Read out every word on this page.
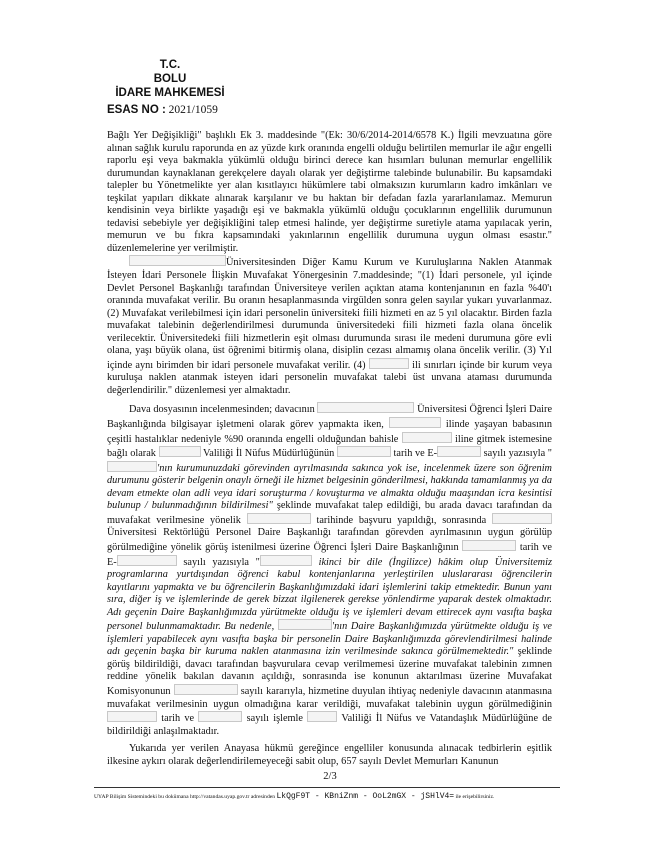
T.C.
BOLU
İDARE MAHKEMESİ
ESAS NO : 2021/1059

Bağlı Yer Değişikliği" başlıklı Ek 3. maddesinde "(Ek: 30/6/2014-2014/6578 K.) İlgili mevzuatına göre alınan sağlık kurulu raporunda en az yüzde kırk oranında engelli olduğu belirtilen memurlar ile ağır engelli raporlu eşi veya bakmakla yükümlü olduğu birinci derece kan hısımları bulunan memurlar engellilik durumundan kaynaklanan gerekçelere dayalı olarak yer değiştirme talebinde bulunabilir. Bu kapsamdaki talepler bu Yönetmelikte yer alan kısıtlayıcı hükümlere tabi olmaksızın kurumların kadro imkânları ve teşkilat yapıları dikkate alınarak karşılanır ve bu haktan bir defadan fazla yararlanılamaz. Memurun kendisinin veya birlikte yaşadığı eşi ve bakmakla yükümlü olduğu çocuklarının engellilik durumunun tedavisi sebebiyle yer değişikliğini talep etmesi halinde, yer değiştirme suretiyle atama yapılacak yerin, memurun ve bu fıkra kapsamındaki yakınlarının engellilik durumuna uygun olması esastır." düzenlemelerine yer verilmiştir.

Üniversitesinden Diğer Kamu Kurum ve Kuruluşlarına Naklen Atanmak İsteyen İdari Personele İlişkin Muvafakat Yönergesinin 7.maddesinde; "(1) İdari personele, yıl içinde Devlet Personel Başkanlığı tarafından Üniversiteye verilen açıktan atama kontenjanının en fazla %40'ı oranında muvafakat verilir. Bu oranın hesaplanmasında virgülden sonra gelen sayılar yukarı yuvarlanmaz. (2) Muvafakat verilebilmesi için idari personelin üniversiteki fiili hizmeti en az 5 yıl olacaktır. Birden fazla muvafakat talebinin değerlendirilmesi durumunda üniversitedeki fiili hizmeti fazla olana öncelik verilecektir. Üniversitedeki fiili hizmetlerin eşit olması durumunda sırası ile medeni durumuna göre evli olana, yaşı büyük olana, üst öğrenimi bitirmiş olana, disiplin cezası almamış olana öncelik verilir. (3) Yıl içinde aynı birimden bir idari personele muvafakat verilir. (4)	ili sınırları içinde bir kurum veya kuruluşa naklen atanmak isteyen idari personelin muvafakat talebi üst unvana ataması durumunda değerlendirilir." düzenlemesi yer almaktadır.

Dava dosyasının incelenmesinden; davacının	Üniversitesi Öğrenci İşleri Daire Başkanlığında bilgisayar işletmeni olarak görev yapmakta iken,	ilinde yaşayan babasının çeşitli hastalıklar nedeniyle %90 oranında engelli olduğundan bahisle	iline gitmek istemesine bağlı olarak	Valiliği İl Nüfus Müdürlüğünün	tarih ve E-	sayılı yazısıyla "'nın kurumunuzdaki görevinden ayrılmasında sakınca yok ise, incelenmek üzere son öğrenim durumunu gösterir belgenin onaylı örneği ile hizmet belgesinin gönderilmesi, hakkında tamamlanmış ya da devam etmekte olan adli veya idari soruşturma / kovuşturma ve almakta olduğu maaşından icra kesintisi bulunup / bulunmadığının bildirilmesi" şeklinde muvafakat talep edildiği, bu arada davacı tarafından da muvafakat verilmesine yönelik	tarihinde başvuru yapıldığı, sonrasında  Üniversitesi Rektörlüğü Personel Daire Başkanlığı tarafından görevden ayrılmasının uygun görülüp görülmediğine yönelik görüş istenilmesi üzerine Öğrenci İşleri Daire Başkanlığının	tarih ve E-	sayılı yazısıyla "	ikinci bir dile (İngilizce) hâkim olup Üniversitemiz programlarına yurtdışından öğrenci kabul kontenjanlarına yerleştirilen uluslararası öğrencilerin kayıtlarını yapmakta ve bu öğrencilerin Başkanlığımızdaki idari işlemlerini takip etmektedir. Bunun yanı sıra, diğer iş ve işlemlerinde de gerek bizzat ilgilenerek gerekse yönlendirme yaparak destek olmaktadır. Adı geçenin Daire Başkanlığımızda yürütmekte olduğu iş ve işlemleri devam ettirecek aynı vasıfta başka personel bulunmamaktadır. Bu nedenle,	'nın Daire Başkanlığımızda yürütmekte olduğu iş ve işlemleri yapabilecek aynı vasıfta başka bir personelin Daire Başkanlığımızda görevlendirilmesi halinde adı geçenin başka bir kuruma naklen atanmasına izin verilmesinde sakınca görülmemektedir." şeklinde görüş bildirildiği, davacı tarafından başvurulara cevap verilmemesi üzerine muvafakat talebinin zımnen reddine yönelik bakılan davanın açıldığı, sonrasında ise konunun aktarılması üzerine Muvafakat Komisyonunun	sayılı kararıyla, hizmetine duyulan ihtiyaç nedeniyle davacının atanmasına muvafakat verilmesinin uygun olmadığına karar verildiği, muvafakat talebinin uygun görülmediğinin  tarih ve	sayılı işlemle	Valiliği İl Nüfus ve Vatandaşlık Müdürlüğüne de bildirildiği anlaşılmaktadır.

Yukarıda yer verilen Anayasa hükmü gereğince engelliler konusunda alınacak tedbirlerin eşitlik ilkesine aykırı olarak değerlendirilemeyeceği sabit olup, 657 sayılı Devlet Memurları Kanunun

2/3
UYAP Bilişim Sistemindeki bu dokümana http://vatandas.uyap.gov.tr adresinden LkQgF9T - KBniZnm - OoL2mGX - jSHlV4= ile erişebilirsiniz.
